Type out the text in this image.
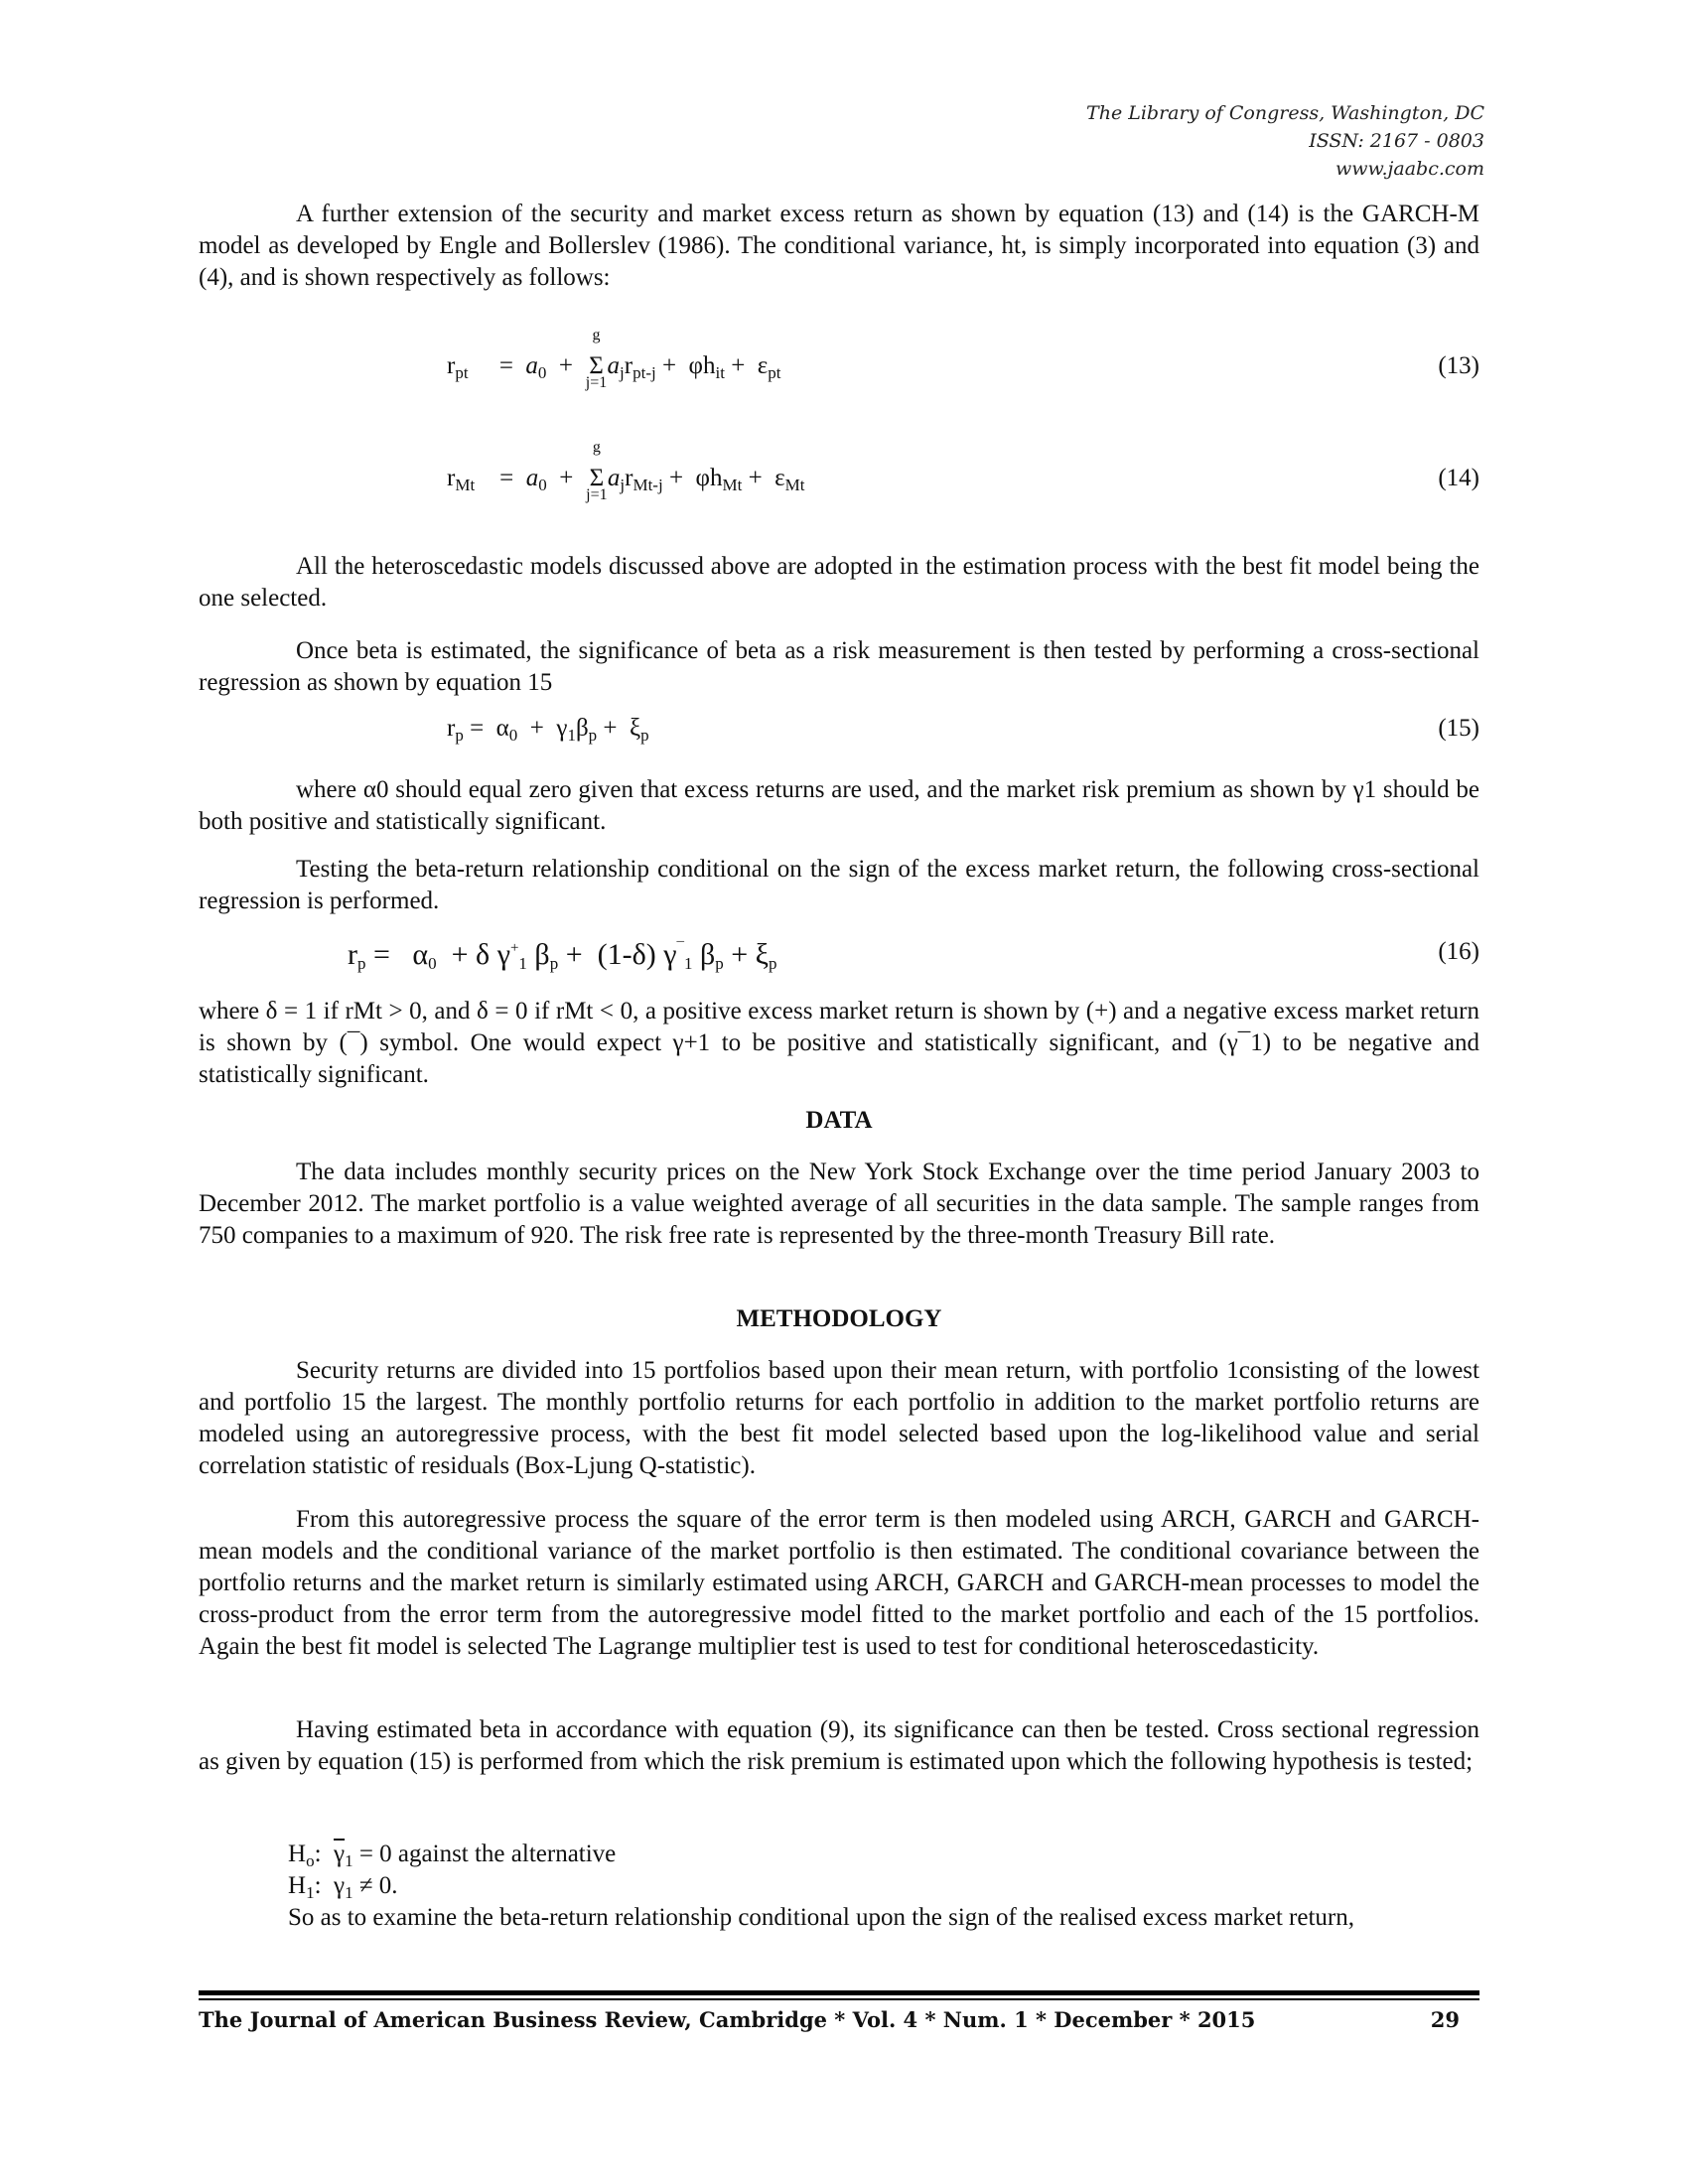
The Library of Congress, Washington, DC
ISSN: 2167 - 0803
www.jaabc.com

A further extension of the security and market excess return as shown by equation (13) and (14) is the GARCH-M model as developed by Engle and Bollerslev (1986). The conditional variance, ht, is simply incorporated into equation (3) and (4), and is shown respectively as follows:

$r_{pt}$     =  $a_0 + \Sigma$
g
j=1
$a_jr_{pt-j} + \varphi h_{it} + \varepsilon_{pt}$	(13)
$r_{Mt}$    =  $a_0 + \Sigma$
g
j=1
$a_jr_{Mt-j} + \varphi h_{Mt} + \varepsilon_{Mt}$	(14)

All the heteroscedastic models discussed above are adopted in the estimation process with the best fit model being the one selected.

Once beta is estimated, the significance of beta as a risk measurement is then tested by performing a cross-sectional regression as shown by equation 15

$r_p = \alpha_0 + \gamma_1\beta_p + \xi_p$	(15)

where α0 should equal zero given that excess returns are used, and the market risk premium as shown by γ1 should be both positive and statistically significant.

Testing the beta-return relationship conditional on the sign of the excess market return, the following cross-sectional regression is performed.

$r_p = \alpha_0 + \delta$ $\gamma^+_1$ $\beta_p + (1-\delta)$ $\gamma^¯_1$ $\beta_p + \xi_p$	(16)

where δ = 1 if rMt > 0, and δ = 0 if rMt < 0, a positive excess market return is shown by (+) and a negative excess market return is shown by (¯) symbol. One would expect γ+1 to be positive and statistically significant, and (γ¯1) to be negative and statistically significant.

DATA

The data includes monthly security prices on the New York Stock Exchange over the time period January 2003 to December 2012. The market portfolio is a value weighted average of all securities in the data sample. The sample ranges from 750 companies to a maximum of 920. The risk free rate is represented by the three-month Treasury Bill rate.

METHODOLOGY

Security returns are divided into 15 portfolios based upon their mean return, with portfolio 1consisting of the lowest and portfolio 15 the largest. The monthly portfolio returns for each portfolio in addition to the market portfolio returns are modeled using an autoregressive process, with the best fit model selected based upon the log-likelihood value and serial correlation statistic of residuals (Box-Ljung Q-statistic).

From this autoregressive process the square of the error term is then modeled using ARCH, GARCH and GARCH-mean models and the conditional variance of the market portfolio is then estimated. The conditional covariance between the portfolio returns and the market return is similarly estimated using ARCH, GARCH and GARCH-mean processes to model the cross-product from the error term from the autoregressive model fitted to the market portfolio and each of the 15 portfolios. Again the best fit model is selected The Lagrange multiplier test is used to test for conditional heteroscedasticity.

Having estimated beta in accordance with equation (9), its significance can then be tested. Cross sectional regression as given by equation (15) is performed from which the risk premium is estimated upon which the following hypothesis is tested;

$H_o$:  $\overline{\gamma}_1 = 0$ against the alternative
$H_1$:  $\gamma_1 \ne 0$.
So as to examine the beta-return relationship conditional upon the sign of the realised excess market return,
The Journal of American Business Review, Cambridge * Vol. 4 * Num. 1 * December * 2015	29
